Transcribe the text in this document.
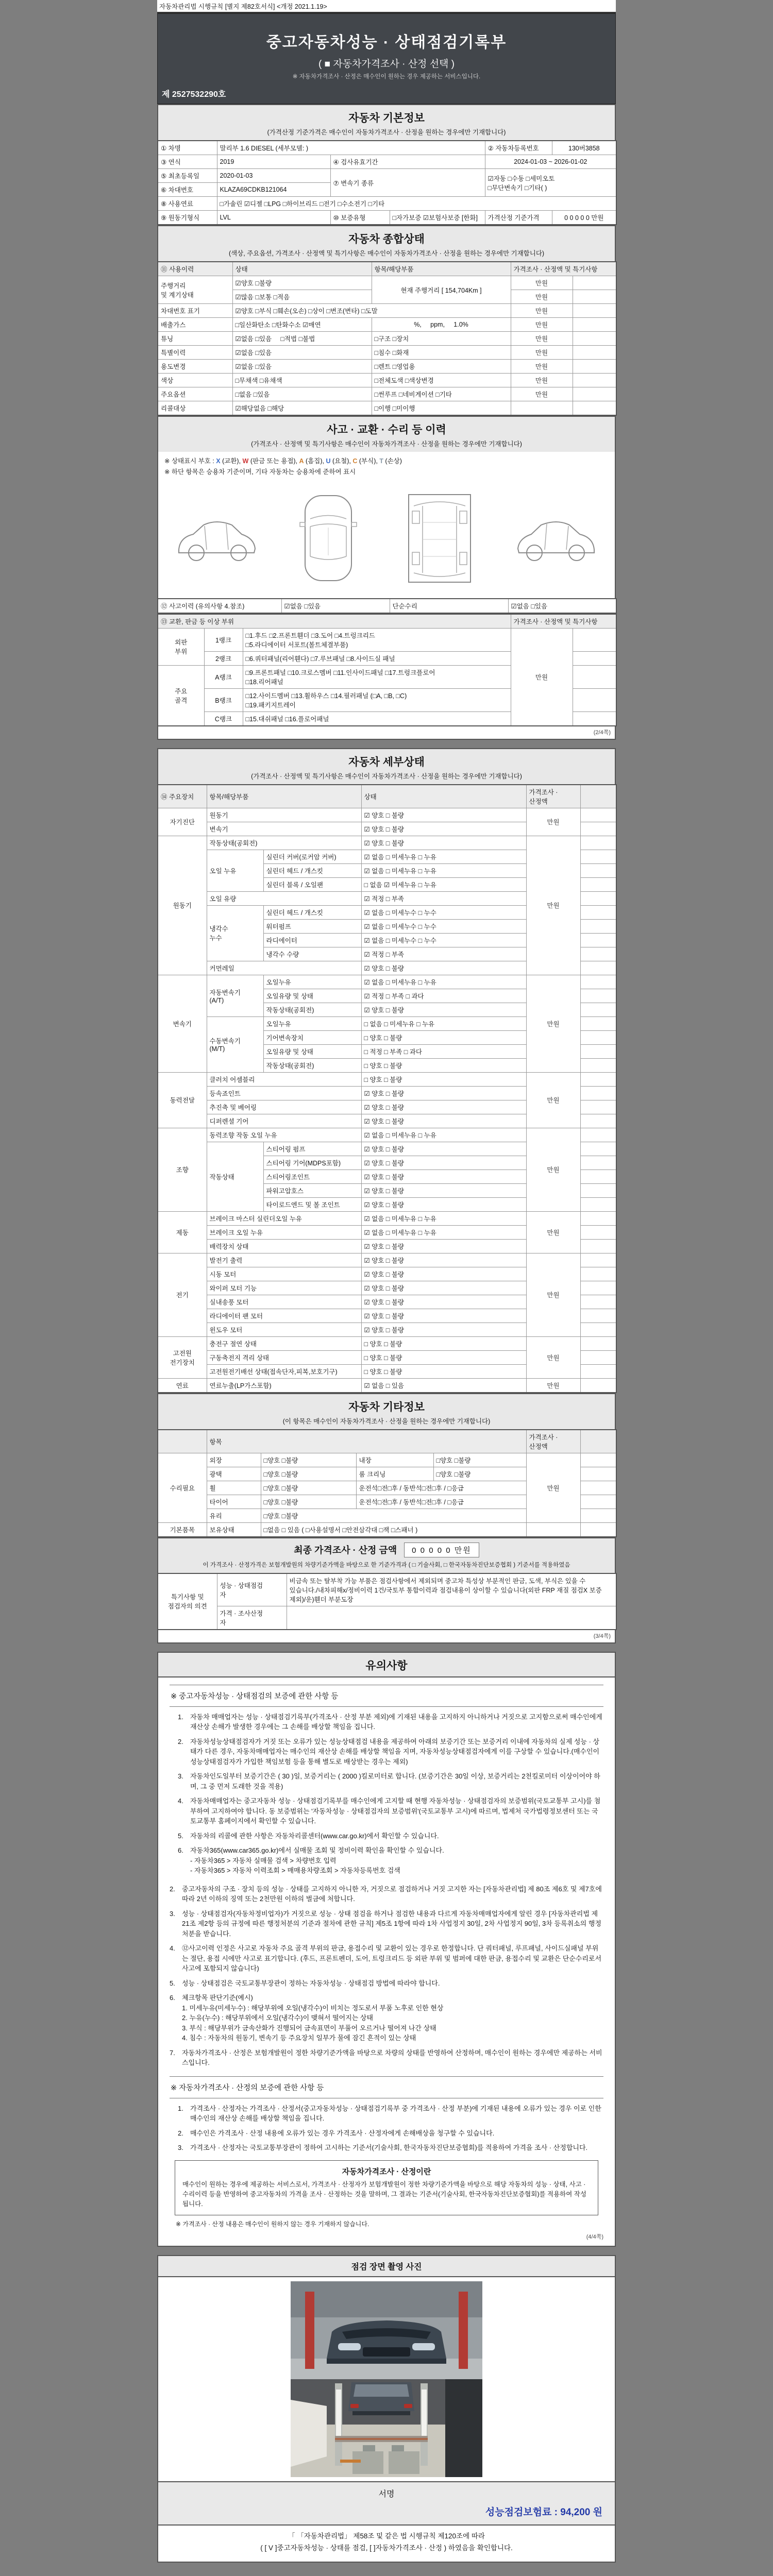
자동차관리법 시행규칙 [별지 제82호서식] <개정 2021.1.19>
중고자동차성능 · 상태점검기록부
( ■ 자동차가격조사 · 산정 선택 )
※ 자동차가격조사 · 산정은 매수인이 원하는 경우 제공하는 서비스입니다.
제 2527532290호
자동차 기본정보
(가격산정 기준가격은 매수인이 자동차가격조사 · 산정을 원하는 경우에만 기재합니다)
① 차명	말리부 1.6 DIESEL (세부모델: )			② 자동차등록번호	130버3858
③ 연식	2019	④ 검사유효기간		2024-01-03 ~ 2026-01-02	
⑤ 최초등록일	2020-01-03	⑦ 변속기 종류		☑자동 □수동 □세미오토
□무단변속기 □기타( )	
⑥ 차대번호	KLAZA69CDKB121064				
⑧ 사용연료	□가솔린 ☑디젤 □LPG □하이브리드 □전기 □수소전기 □기타				
⑨ 원동기형식	LVL	⑩ 보증유형	□자가보증 ☑보험사보증 [한화]	가격산정 기준가격	0 0 0 0 0 만원
자동차 종합상태
(색상, 주요옵션, 가격조사 · 산정액 및 특기사항은 매수인이 자동차가격조사 · 산정을 원하는 경우에만 기재합니다)
⑪ 사용이력	상태	항목/해당부품	가격조사 · 산정액 및 특기사항	
주행거리
및 계기상태	☑양호 □불량	현재 주행거리 [ 154,704Km ]	만원	
	☑많음 □보통 □적음		만원	
차대번호 표기	☑양호 □부식 □훼손(오손) □상이 □변조(변타) □도말		만원	
배출가스	□일산화탄소 □탄화수소 ☑매연	%,     ppm,     1.0%	만원	
튜닝	☑없음 □있음     □적법 □불법	□구조 □장치	만원	
특별이력	☑없음 □있음	□침수 □화재	만원	
용도변경	☑없음 □있음	□렌트 □영업용	만원	
색상	□무채색 □유채색	□전체도색 □색상변경	만원	
주요옵션	□없음 □있음	□썬루프 □네비게이션 □기타	만원	
리콜대상	☑해당없음 □해당	□이행 □미이행		
사고 · 교환 · 수리 등 이력
(가격조사 · 산정액 및 특기사항은 매수인이 자동차가격조사 · 산정을 원하는 경우에만 기재합니다)
※ 상태표시 부호 : X (교환), W (판금 또는 용접), A (흠집), U (요철), C (부식), T (손상)
※ 하단 항목은 승용차 기준이며, 기타 자동차는 승용차에 준하여 표시
⑫ 사고이력 (유의사항 4.참조)	☑없음 □있음	단순수리	☑없음 □있음
⑬ 교환, 판금 등 이상 부위			가격조사 · 산정액 및 특기사항	
외판
부위	1랭크	□1.후드 □2.프론트휀더 □3.도어 □4.트렁크리드
□5.라디에이터 서포트(볼트체결부품)	만원	
	2랭크	□6.쿼터패널(리어휀다) □7.루브패널 □8.사이드실 패널		
주요
골격	A랭크	□9.프론트패널 □10.크로스멤버 □11.인사이드패널 □17.트렁크플로어
□18.리어패널		
	B랭크	□12.사이드멤버 □13.휠하우스 □14.필러패널 (□A, □B, □C)
□19.패키지트레이		
	C랭크	□15.대쉬패널 □16.플로어패널		
(2/4쪽)
자동차 세부상태
(가격조사 · 산정액 및 특기사항은 매수인이 자동차가격조사 · 산정을 원하는 경우에만 기재합니다)
⑭ 주요장치	항목/해당부품		상태	가격조사 · 산정액	
자기진단	원동기		☑ 양호 □ 불량	만원	
	변속기		☑ 양호 □ 불량		
원동기	작동상태(공회전)		☑ 양호 □ 불량	만원	
	오일 누유	실린더 커버(로커암 커버)	☑ 없음 □ 미세누유 □ 누유		
		실린더 헤드 / 개스킷	☑ 없음 □ 미세누유 □ 누유		
		실린더 블록 / 오일팬	□ 없음 ☑ 미세누유 □ 누유		
	오일 유량		☑ 적정 □ 부족		
	냉각수
누수	실린더 헤드 / 개스킷	☑ 없음 □ 미세누수 □ 누수		
		워터펌프	☑ 없음 □ 미세누수 □ 누수		
		라디에이터	☑ 없음 □ 미세누수 □ 누수		
		냉각수 수량	☑ 적정 □ 부족		
	커먼레일		☑ 양호 □ 불량		
변속기	자동변속기
(A/T)	오일누유	☑ 없음 □ 미세누유 □ 누유	만원	
		오일유량 및 상태	☑ 적정 □ 부족 □ 과다		
		작동상태(공회전)	☑ 양호 □ 불량		
	수동변속기
(M/T)	오일누유	□ 없음 □ 미세누유 □ 누유		
		기어변속장치	□ 양호 □ 불량		
		오일유량 및 상태	□ 적정 □ 부족 □ 과다		
		작동상태(공회전)	□ 양호 □ 불량		
동력전달	클러치 어셈블리		□ 양호 □ 불량	만원	
	등속죠인트		☑ 양호 □ 불량		
	추진축 및 베어링		☑ 양호 □ 불량		
	디퍼렌셜 기어		☑ 양호 □ 불량		
조향	동력조향 작동 오일 누유		☑ 없음 □ 미세누유 □ 누유	만원	
	작동상태	스티어링 펌프	☑ 양호 □ 불량		
		스티어링 기어(MDPS포함)	☑ 양호 □ 불량		
		스티어링조인트	☑ 양호 □ 불량		
		파워고압호스	☑ 양호 □ 불량		
		타이로드엔드 및 볼 조인트	☑ 양호 □ 불량		
제동	브레이크 마스터 실린더오일 누유		☑ 없음 □ 미세누유 □ 누유	만원	
	브레이크 오일 누유		☑ 없음 □ 미세누유 □ 누유		
	배력장치 상태		☑ 양호 □ 불량		
전기	발전기 출력		☑ 양호 □ 불량	만원	
	시동 모터		☑ 양호 □ 불량		
	와이퍼 모터 기능		☑ 양호 □ 불량		
	실내송풍 모터		☑ 양호 □ 불량		
	라디에이터 팬 모터		☑ 양호 □ 불량		
	윈도우 모터		☑ 양호 □ 불량		
고전원
전기장치	충전구 절연 상태		□ 양호 □ 불량	만원	
	구동축전지 격리 상태		□ 양호 □ 불량		
	고전원전기배선 상태(접속단자,피복,보호기구)		□ 양호 □ 불량		
연료	연료누출(LP가스포함)		☑ 없음 □ 있음	만원	
자동차 기타정보
(이 항목은 매수인이 자동차가격조사 · 산정을 원하는 경우에만 기재합니다)
	항목				가격조사 · 산정액	
수리필요	외장	□양호 □불량	내장	□양호 □불량	만원	
	광택	□양호 □불량	룸 크리닝	□양호 □불량		
	휠	□양호 □불량	운전석□전□후 / 동반석□전□후 / □응급			
	타이어	□양호 □불량	운전석□전□후 / 동반석□전□후 / □응급			
	유리	□양호 □불량				
기본품목	보유상태	□없음 □ 있음 ( □사용설명서 □안전삼각대 □잭 □스패너 )				
최종 가격조사 · 산정 금액	0 0 0 0 0 만원
이 가격조사 · 산정가격은 보험개발원의 차량기준가액을 바탕으로 한 기준가격과 ( □ 기술사회, □ 한국자동차진단보증협회 ) 기준서를 적용하였음
특기사항 및
점검자의 의견	성능 · 상태점검
자	비금속 또는 탈부착 가능 부품은 점검사항에서 제외되며 중고차 특성상 부분적인 판금, 도색, 부식은 있을 수 있습니다./내차피해x/정비이력 1건/국토부 통합이력과 점검내용이 상이할 수 있습니다(외판 FRP 재질 점검X 보증 제외)/운)휀더 부분도장
	가격 · 조사산정
자	
(3/4쪽)
유의사항
※ 중고자동차성능 · 상태점검의 보증에 관한 사항 등
1.	자동차 매매업자는 성능 · 상태점검기록부(가격조사 · 산정 부분 제외)에 기재된 내용을 고지하지 아니하거나 거짓으로 고지함으로써 매수인에게 재산상 손해가 발생한 경우에는 그 손해를 배상할 책임을 집니다.
2.	자동차성능상태점검자가 거짓 또는 오류가 있는 성능상태점검 내용을 제공하여 아래의 보증기간 또는 보증거리 이내에 자동차의 실제 성능 · 상태가 다른 경우, 자동차매매업자는 매수인의 재산상 손해를 배상할 책임을 지며, 자동차성능상태점검자에게 이를 구상할 수 있습니다.(매수인이 성능상태점검자가 가입한 책임보험 등을 통해 별도로 배상받는 경우는 제외)
3.	자동차인도일부터 보증기간은 ( 30 )일, 보증거리는 ( 2000 )킬로미터로 합니다. (보증기간은 30일 이상, 보증거리는 2천킬로미터 이상이어야 하며, 그 중 먼저 도래한 것을 적용)
4.	자동차매매업자는 중고자동차 성능 · 상태점검기록부를 매수인에게 고지할 때 현행 자동차성능 · 상태점검자의 보증범위(국토교통부 고시)를 첨부하여 고지하여야 합니다. 동 보증범위는 '자동차성능 · 상태점검자의 보증범위'(국토교통부 고시)에 따르며, 법제처 국가법령정보센터 또는 국토교통부 홈페이지에서 확인할 수 있습니다.
5.	자동차의 리콜에 관한 사항은 자동차리콜센터(www.car.go.kr)에서 확인할 수 있습니다.
6.	자동차365(www.car365.go.kr)에서 실매물 조회 및 정비이력 확인을 확인할 수 있습니다.
- 자동차365 > 자동차 실매물 검색 > 차량번호 입력
- 자동차365 > 자동차 이력조회 > 매매용차량조회 > 자동차등록번호 검색
2.	중고자동차의 구조 · 장치 등의 성능 · 상태를 고지하지 아니한 자, 거짓으로 점검하거나 거짓 고지한 자는 [자동차관리법] 제 80조 제6호 및 제7호에 따라 2년 이하의 징역 또는 2천만원 이하의 벌금에 처합니다.
3.	성능 · 상태점검자(자동차정비업자)가 거짓으로 성능 · 상태 점검을 하거나 점검한 내용과 다르게 자동차매매업자에게 알린 경우 [자동차관리법 제21조 제2항 등의 규정에 따른 행정처분의 기준과 절차에 관한 규칙] 제5조 1항에 따라 1차 사업정지 30일, 2차 사업정지 90일, 3차 등록취소의 행정처분을 받습니다.
4.	⑫사고이력 인정은 사고로 자동차 주요 골격 부위의 판금, 용접수리 및 교환이 있는 경우로 한정합니다. 단 쿼터패널, 루프패널, 사이드실패널 부위는 절단, 용접 시에만 사고로 표기합니다. (후드, 프론트펜더, 도어, 트렁크리드 등 외판 부위 및 범퍼에 대한 판금, 용접수리 및 교환은 단순수리로서 사고에 포함되지 않습니다)
5.	성능 · 상태점검은 국토교통부장관이 정하는 자동차성능 · 상태점검 방법에 따라야 합니다.
6.	체크항목 판단기준(예시)
1. 미세누유(미세누수) : 해당부위에 오일(냉각수)이 비치는 정도로서 부품 노후로 인한 현상
2. 누유(누수) : 해당부위에서 오일(냉각수)이 맺혀서 떨어지는 상태
3. 부식 : 해당부위가 금속산화가 진행되어 금속표면이 부풀어 오르거나 떨어져 나간 상태
4. 침수 : 자동차의 원동기, 변속기 등 주요장치 일부가 물에 잠긴 흔적이 있는 상태
7.	자동차가격조사 · 산정은 보험개발원이 정한 차량기준가액을 바탕으로 차량의 상태를 반영하여 산정하며, 매수인이 원하는 경우에만 제공하는 서비스입니다.
※ 자동차가격조사 · 산정의 보증에 관한 사항 등
1.	가격조사 · 산정자는 가격조사 · 산정서(중고자동차성능 · 상태점검기록부 중 가격조사 · 산정 부분)에 기재된 내용에 오류가 있는 경우 이로 인한 매수인의 재산상 손해를 배상할 책임을 집니다.
2.	매수인은 가격조사 · 산정 내용에 오류가 있는 경우 가격조사 · 산정자에게 손해배상을 청구할 수 있습니다.
3.	가격조사 · 산정자는 국토교통부장관이 정하여 고시하는 기준서(기술사회, 한국자동차진단보증협회)를 적용하여 가격을 조사 · 산정합니다.
자동차가격조사 · 산정이란
매수인이 원하는 경우에 제공하는 서비스로서, 가격조사 · 산정자가 보험개발원이 정한 차량기준가액을 바탕으로 해당 자동차의 성능 · 상태, 사고 · 수리이력 등을 반영하여 중고자동차의 가격을 조사 · 산정하는 것을 말하며, 그 결과는 기준서(기술사회, 한국자동차진단보증협회)를 적용하여 작성됩니다.
※ 가격조사 · 산정 내용은 매수인이 원하지 않는 경우 기재하지 않습니다.
(4/4쪽)
점검 장면 촬영 사진
서명
성능점검보험료 : 94,200 원
「 「자동차관리법」 제58조 및 같은 법 시행규칙 제120조에 따라
( [ V ]중고자동차성능 · 상태를 점검, [ ]자동차가격조사 · 산정 ) 하였음을 확인합니다.
